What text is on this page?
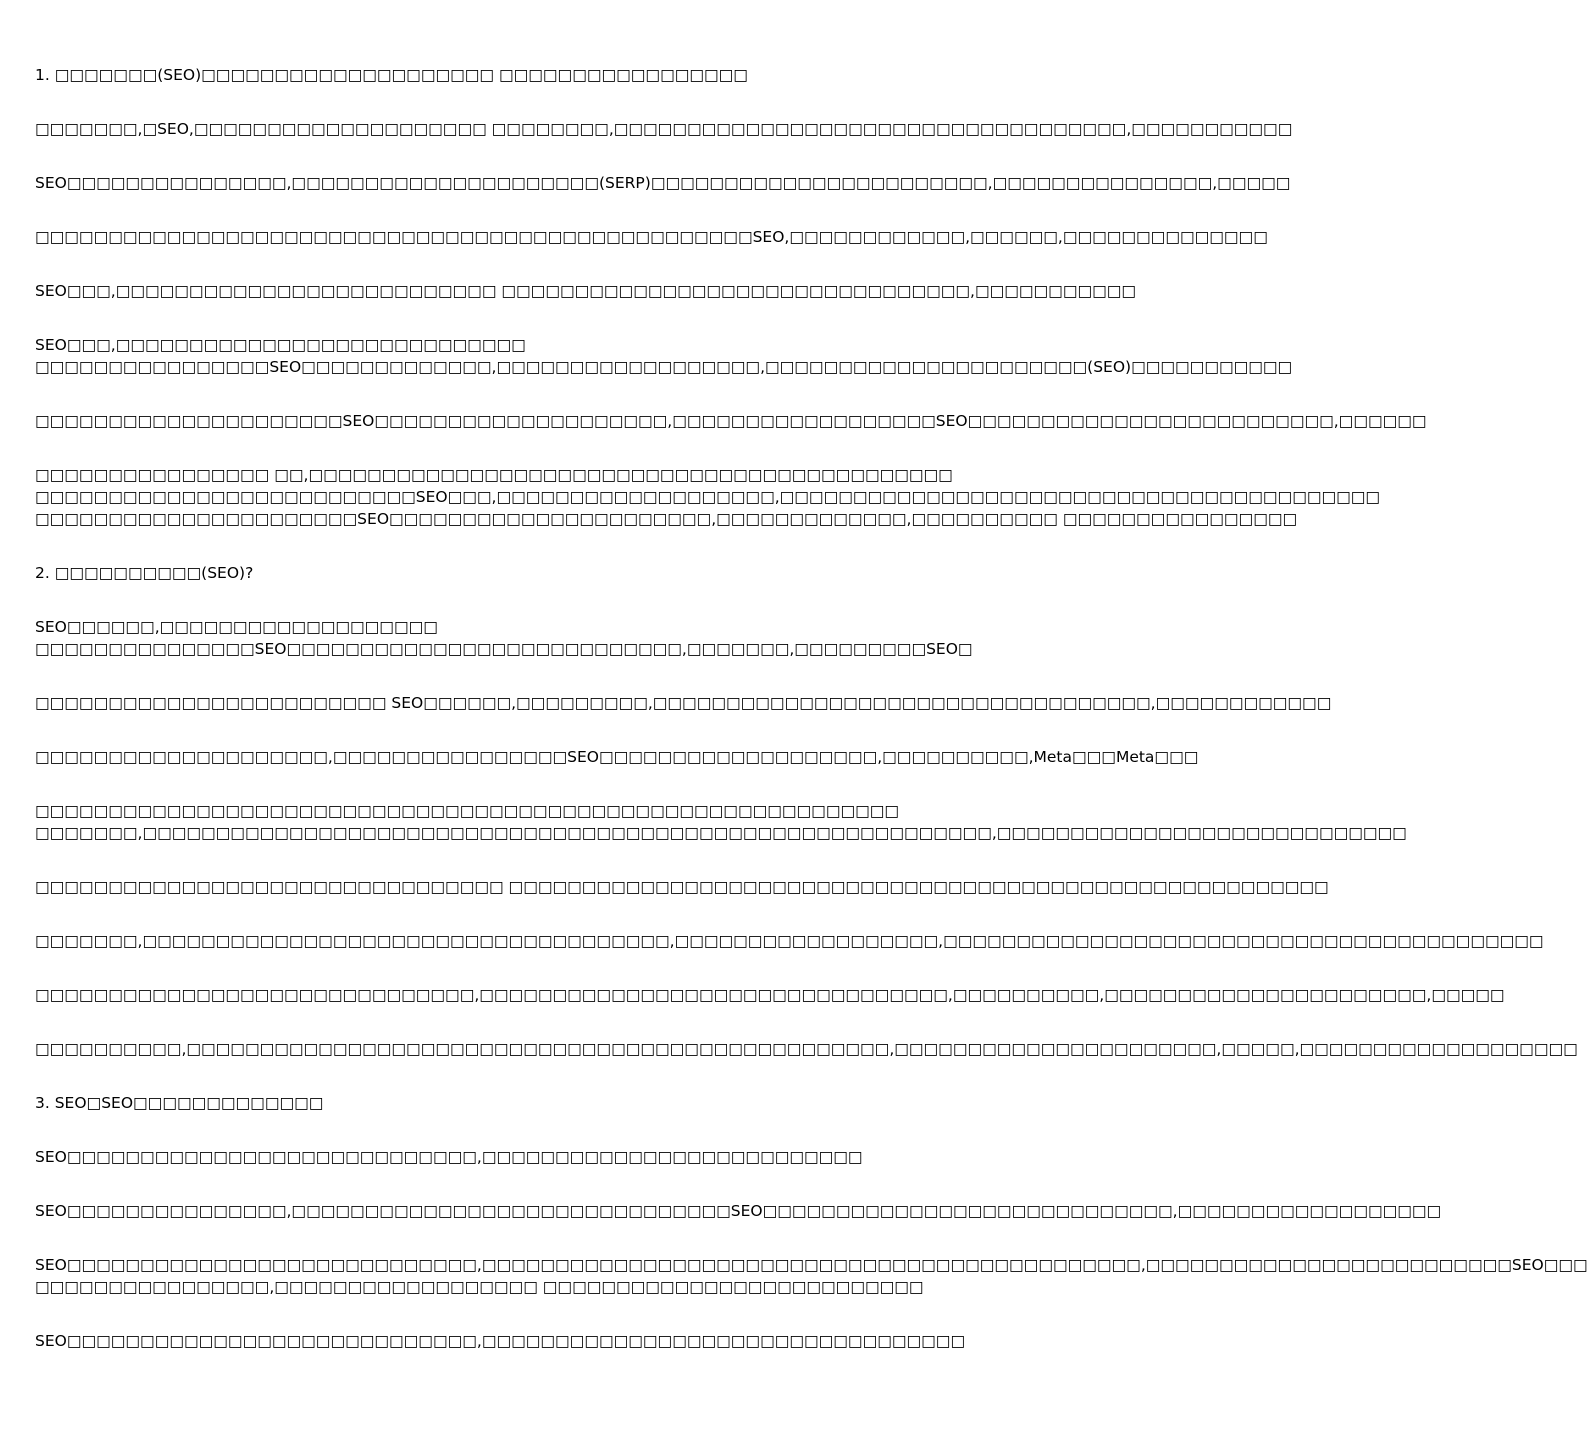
1. □□□□□□□(SEO)□□□□□□□□□□□□□□□□□□□□ □□□□□□□□□□□□□□□□□
□□□□□□□,□SEO,□□□□□□□□□□□□□□□□□□□□ □□□□□□□□,□□□□□□□□□□□□□□□□□□□□□□□□□□□□□□□□□□□,□□□□□□□□□□□
SEO□□□□□□□□□□□□□□□,□□□□□□□□□□□□□□□□□□□□□(SERP)□□□□□□□□□□□□□□□□□□□□□□□,□□□□□□□□□□□□□□□,□□□□□
□□□□□□□□□□□□□□□□□□□□□□□□□□□□□□□□□□□□□□□□□□□□□□□□□SEO,□□□□□□□□□□□□,□□□□□□,□□□□□□□□□□□□□□
SEO□□□,□□□□□□□□□□□□□□□□□□□□□□□□□□ □□□□□□□□□□□□□□□□□□□□□□□□□□□□□□□□,□□□□□□□□□□□
SEO□□□,□□□□□□□□□□□□□□□□□□□□□□□□□□□□
□□□□□□□□□□□□□□□□SEO□□□□□□□□□□□□□,□□□□□□□□□□□□□□□□□□,□□□□□□□□□□□□□□□□□□□□□□(SEO)□□□□□□□□□□□
□□□□□□□□□□□□□□□□□□□□□SEO□□□□□□□□□□□□□□□□□□□□,□□□□□□□□□□□□□□□□□□SEO□□□□□□□□□□□□□□□□□□□□□□□□□,□□□□□□
□□□□□□□□□□□□□□□□ □□,□□□□□□□□□□□□□□□□□□□□□□□□□□□□□□□□□□□□□□□□□□□□
□□□□□□□□□□□□□□□□□□□□□□□□□□SEO□□□,□□□□□□□□□□□□□□□□□□□,□□□□□□□□□□□□□□□□□□□□□□□□□□□□□□□□□□□□□□□□□
□□□□□□□□□□□□□□□□□□□□□□SEO□□□□□□□□□□□□□□□□□□□□□□,□□□□□□□□□□□□□,□□□□□□□□□□ □□□□□□□□□□□□□□□□
2. □□□□□□□□□□(SEO)?
SEO□□□□□□,□□□□□□□□□□□□□□□□□□□
□□□□□□□□□□□□□□□SEO□□□□□□□□□□□□□□□□□□□□□□□□□□□,□□□□□□□,□□□□□□□□□SEO□
□□□□□□□□□□□□□□□□□□□□□□□□ SEO□□□□□□,□□□□□□□□□,□□□□□□□□□□□□□□□□□□□□□□□□□□□□□□□□□□,□□□□□□□□□□□□
□□□□□□□□□□□□□□□□□□□□,□□□□□□□□□□□□□□□□SEO□□□□□□□□□□□□□□□□□□□,□□□□□□□□□□,Meta□□□Meta□□□
□□□□□□□□□□□□□□□□□□□□□□□□□□□□□□□□□□□□□□□□□□□□□□□□□□□□□□□□□□□
□□□□□□□,□□□□□□□□□□□□□□□□□□□□□□□□□□□□□□□□□□□□□□□□□□□□□□□□□□□□□□□□□□,□□□□□□□□□□□□□□□□□□□□□□□□□□□□
□□□□□□□□□□□□□□□□□□□□□□□□□□□□□□□□ □□□□□□□□□□□□□□□□□□□□□□□□□□□□□□□□□□□□□□□□□□□□□□□□□□□□□□□□
□□□□□□□,□□□□□□□□□□□□□□□□□□□□□□□□□□□□□□□□□□□□,□□□□□□□□□□□□□□□□□□,□□□□□□□□□□□□□□□□□□□□□□□□□□□□□□□□□□□□□□□□□
□□□□□□□□□□□□□□□□□□□□□□□□□□□□□□,□□□□□□□□□□□□□□□□□□□□□□□□□□□□□□□□,□□□□□□□□□□,□□□□□□□□□□□□□□□□□□□□□□,□□□□□
□□□□□□□□□□,□□□□□□□□□□□□□□□□□□□□□□□□□□□□□□□□□□□□□□□□□□□□□□□□,□□□□□□□□□□□□□□□□□□□□□□,□□□□□,□□□□□□□□□□□□□□□□□□□
3. SEO□SEO□□□□□□□□□□□□□
SEO□□□□□□□□□□□□□□□□□□□□□□□□□□□□,□□□□□□□□□□□□□□□□□□□□□□□□□□
SEO□□□□□□□□□□□□□□□,□□□□□□□□□□□□□□□□□□□□□□□□□□□□□□SEO□□□□□□□□□□□□□□□□□□□□□□□□□□□□,□□□□□□□□□□□□□□□□□□
SEO□□□□□□□□□□□□□□□□□□□□□□□□□□□□,□□□□□□□□□□□□□□□□□□□□□□□□□□□□□□□□□□□□□□□□□□□□□,□□□□□□□□□□□□□□□□□□□□□□□□□SEO□□□
□□□□□□□□□□□□□□□□,□□□□□□□□□□□□□□□□□□ □□□□□□□□□□□□□□□□□□□□□□□□□□
SEO□□□□□□□□□□□□□□□□□□□□□□□□□□□□,□□□□□□□□□□□□□□□□□□□□□□□□□□□□□□□□□
